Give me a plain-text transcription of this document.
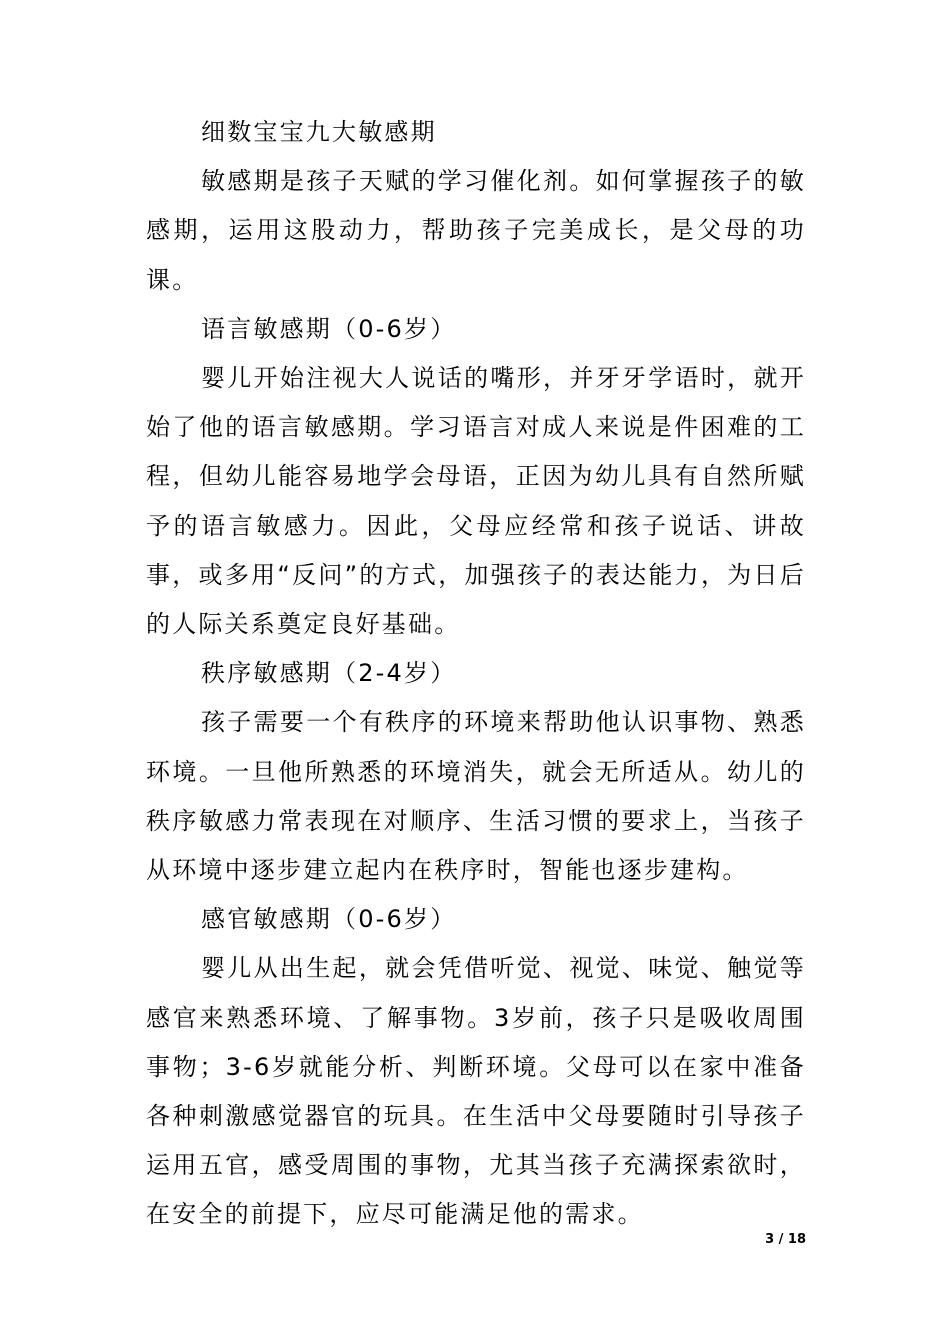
细数宝宝九大敏感期

敏感期是孩子天赋的学习催化剂。如何掌握孩子的敏感期，运用这股动力，帮助孩子完美成长，是父母的功课。

语言敏感期（0-6岁）

婴儿开始注视大人说话的嘴形，并牙牙学语时，就开始了他的语言敏感期。学习语言对成人来说是件困难的工程，但幼儿能容易地学会母语，正因为幼儿具有自然所赋予的语言敏感力。因此，父母应经常和孩子说话、讲故事，或多用“反问”的方式，加强孩子的表达能力，为日后的人际关系奠定良好基础。

秩序敏感期（2-4岁）

孩子需要一个有秩序的环境来帮助他认识事物、熟悉环境。一旦他所熟悉的环境消失，就会无所适从。幼儿的秩序敏感力常表现在对顺序、生活习惯的要求上，当孩子从环境中逐步建立起内在秩序时，智能也逐步建构。

感官敏感期（0-6岁）

婴儿从出生起，就会凭借听觉、视觉、味觉、触觉等感官来熟悉环境、了解事物。3岁前，孩子只是吸收周围事物；3-6岁就能分析、判断环境。父母可以在家中准备各种刺激感觉器官的玩具。在生活中父母要随时引导孩子运用五官，感受周围的事物，尤其当孩子充满探索欲时，在安全的前提下，应尽可能满足他的需求。

3 / 18
